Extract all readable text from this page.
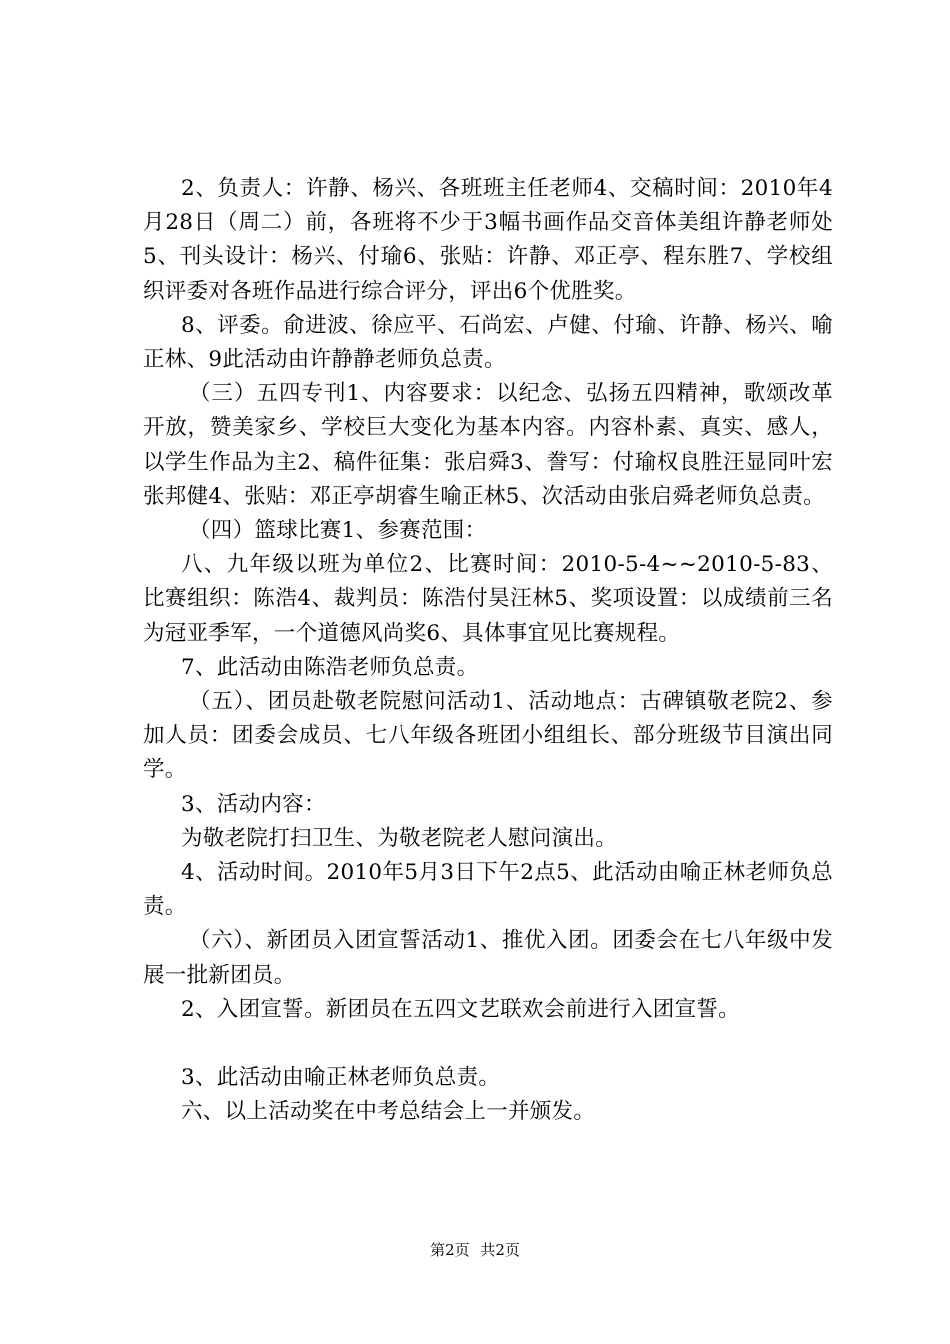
2、负责人：许静、杨兴、各班班主任老师4、交稿时间：2010年4月28日（周二）前，各班将不少于3幅书画作品交音体美组许静老师处5、刊头设计：杨兴、付瑜6、张贴：许静、邓正亭、程东胜7、学校组织评委对各班作品进行综合评分，评出6个优胜奖。

8、评委。俞进波、徐应平、石尚宏、卢健、付瑜、许静、杨兴、喻正林、9此活动由许静静老师负总责。

（三）五四专刊1、内容要求：以纪念、弘扬五四精神，歌颂改革开放，赞美家乡、学校巨大变化为基本内容。内容朴素、真实、感人，以学生作品为主2、稿件征集：张启舜3、誊写：付瑜权良胜汪显同叶宏张邦健4、张贴：邓正亭胡睿生喻正林5、次活动由张启舜老师负总责。

（四）篮球比赛1、参赛范围：

八、九年级以班为单位2、比赛时间：2010-5-4~~2010-5-83、比赛组织：陈浩4、裁判员：陈浩付昊汪林5、奖项设置：以成绩前三名为冠亚季军，一个道德风尚奖6、具体事宜见比赛规程。

7、此活动由陈浩老师负总责。

（五）、团员赴敬老院慰问活动1、活动地点：古碑镇敬老院2、参加人员：团委会成员、七八年级各班团小组组长、部分班级节目演出同学。

3、活动内容：

为敬老院打扫卫生、为敬老院老人慰问演出。

4、活动时间。2010年5月3日下午2点5、此活动由喻正林老师负总责。

（六）、新团员入团宣誓活动1、推优入团。团委会在七八年级中发展一批新团员。

2、入团宣誓。新团员在五四文艺联欢会前进行入团宣誓。

3、此活动由喻正林老师负总责。

六、以上活动奖在中考总结会上一并颁发。

第2页 共2页
